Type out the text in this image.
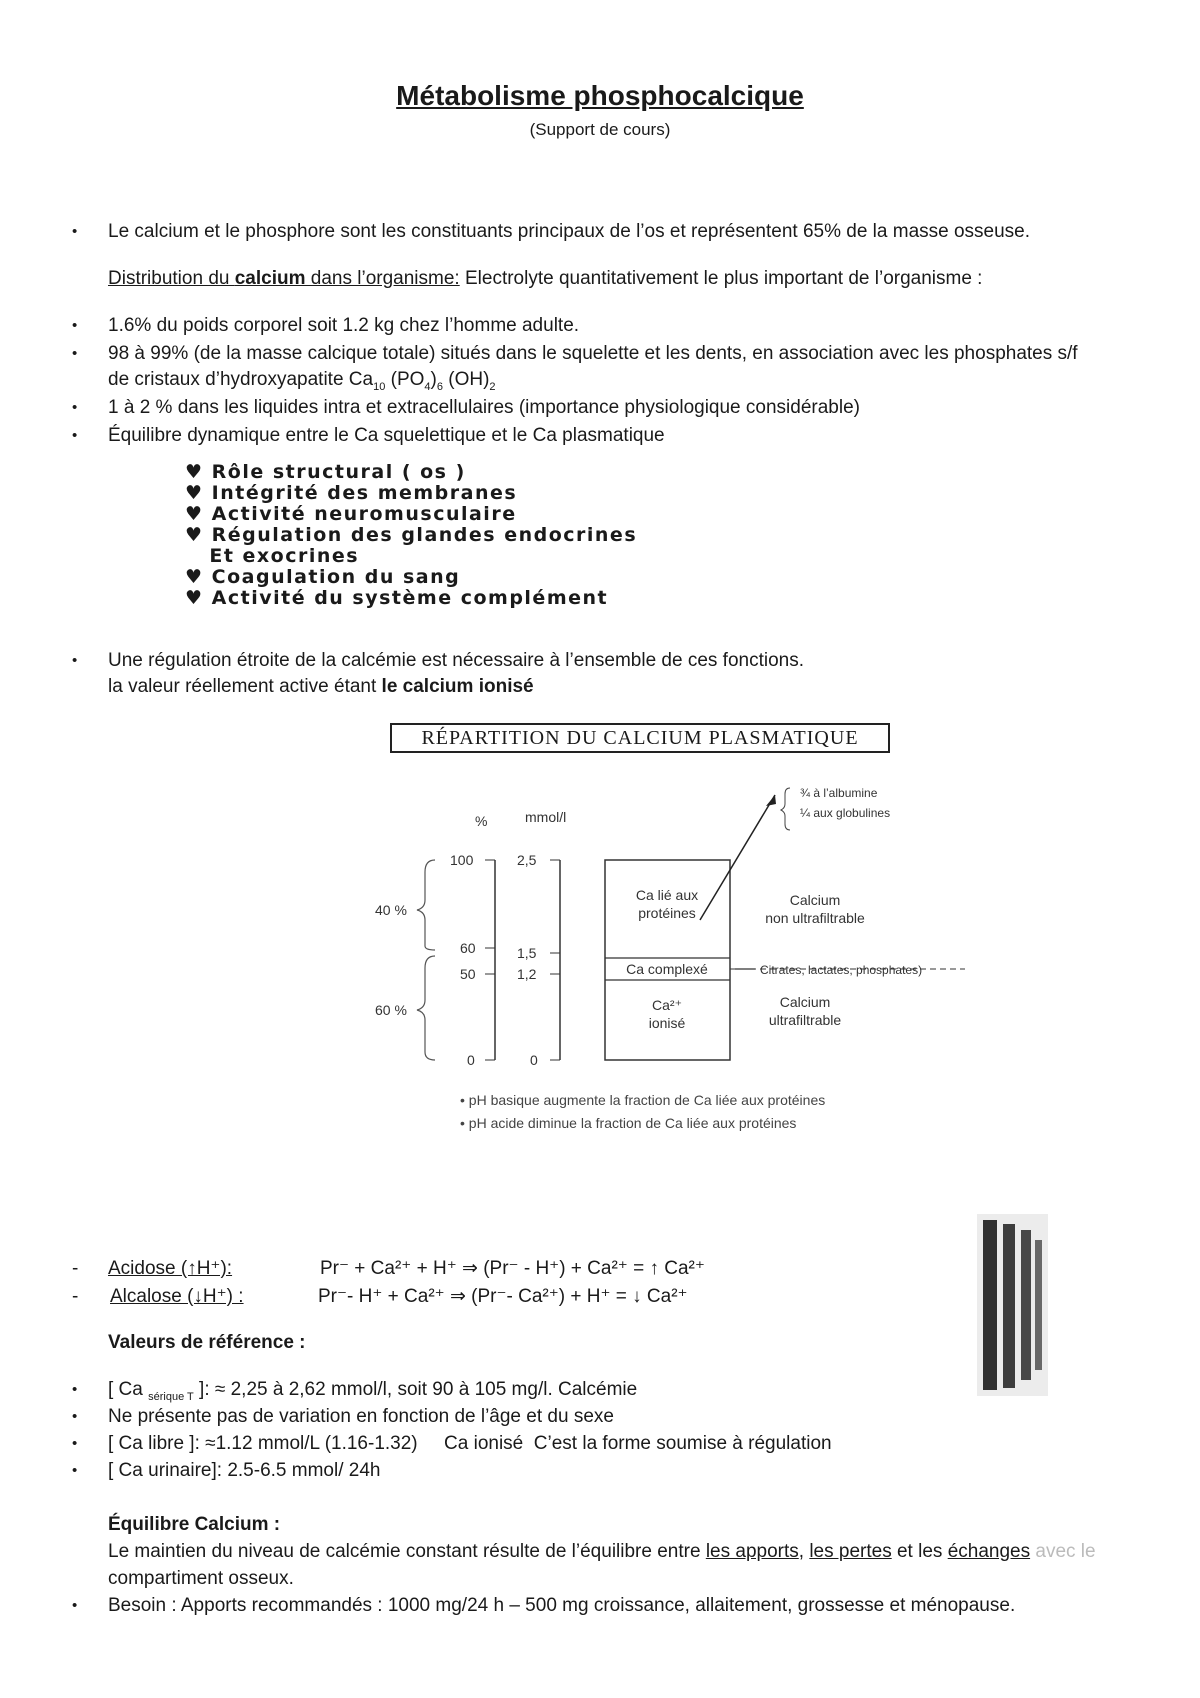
Métabolisme phosphocalcique
(Support de cours)
• Le calcium et le phosphore sont les constituants principaux de l’os et représentent 65% de la masse osseuse.
Distribution du calcium dans l’organisme: Electrolyte quantitativement le plus important de l’organisme :
• 1.6% du poids corporel soit 1.2 kg chez l’homme adulte.
• 98 à 99% (de la masse calcique totale) situés dans le squelette et les dents, en association avec les phosphates s/f
de cristaux d’hydroxyapatite $Ca_{10}$ $(PO_4)_6$ $(OH)_2$
• 1 à 2 % dans les liquides intra et extracellulaires (importance physiologique considérable)
• Équilibre dynamique entre le Ca squelettique et le Ca plasmatique
♥ Rôle structural ( os )
♥ Intégrité des membranes
♥ Activité neuromusculaire
♥ Régulation des glandes endocrines
Et exocrines
♥ Coagulation du sang
♥ Activité du système complément
• Une régulation étroite de la calcémie est nécessaire à l’ensemble de ces fonctions.
la valeur réellement active étant le calcium ionisé
RÉPARTITION DU CALCIUM PLASMATIQUE
%	mmol/l
100
60
50
0
2,5
1,5
1,2
0
40 %
60 %
Ca lié aux
protéines
Ca complexé
Ca²⁺
ionisé
Calcium
non ultrafiltrable
Calcium
ultrafiltrable
Citrates, lactates, phosphates)
¾ à l’albumine
¼ aux globulines
• pH basique augmente la fraction de Ca liée aux protéines
• pH acide diminue la fraction de Ca liée aux protéines
- Acidose (↑H⁺):	Pr⁻ + Ca²⁺ + H⁺ ⇒ (Pr⁻ - H⁺) + Ca²⁺ = ↑ Ca²⁺
- Alcalose (↓H⁺) :	Pr⁻- H⁺ + Ca²⁺ ⇒ (Pr⁻- Ca²⁺) + H⁺ = ↓ Ca²⁺
Valeurs de référence :
• [ Ca $_{sérique T}$ ]: ≈ 2,25 à 2,62 mmol/l, soit 90 à 105 mg/l. Calcémie
• Ne présente pas de variation en fonction de l’âge et du sexe
• [ Ca libre ]: ≈1.12 mmol/L (1.16-1.32)     Ca ionisé  C’est la forme soumise à régulation
• [ Ca urinaire]: 2.5-6.5 mmol/ 24h
Équilibre Calcium :
Le maintien du niveau de calcémie constant résulte de l’équilibre entre les apports, les pertes et les échanges avec le
compartiment osseux.
• Besoin : Apports recommandés : 1000 mg/24 h – 500 mg croissance, allaitement, grossesse et ménopause.
